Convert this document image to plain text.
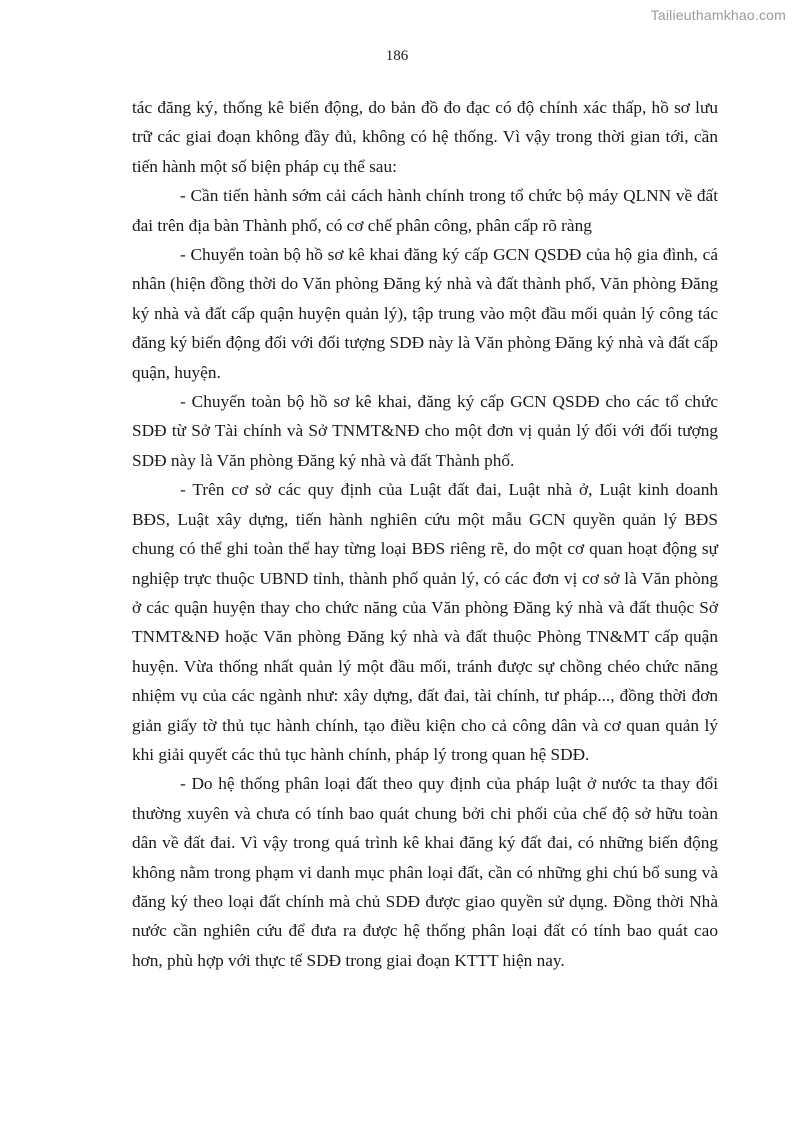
Tailieuthamkhao.com
186

tác đăng ký, thống kê biến động, do bản đồ đo đạc có độ chính xác thấp, hồ sơ lưu trữ các giai đoạn không đầy đủ, không có hệ thống. Vì vậy trong thời gian tới, cần tiến hành một số biện pháp cụ thể sau:

- Cần tiến hành sớm cải cách hành chính trong tổ chức bộ máy QLNN về đất đai trên địa bàn Thành phố, có cơ chế phân công, phân cấp rõ ràng

- Chuyển toàn bộ hồ sơ kê khai đăng ký cấp GCN QSDĐ của hộ gia đình, cá nhân (hiện đồng thời do Văn phòng Đăng ký nhà và đất thành phố, Văn phòng Đăng ký nhà và đất cấp quận huyện quản lý), tập trung vào một đầu mối quản lý công tác đăng ký biến động đối với đối tượng SDĐ này là Văn phòng Đăng ký nhà và đất cấp quận, huyện.

- Chuyển toàn bộ hồ sơ kê khai, đăng ký cấp GCN QSDĐ cho các tổ chức SDĐ từ Sở Tài chính và Sở TNMT&NĐ cho một đơn vị quản lý đối với đối tượng SDĐ này là Văn phòng Đăng ký nhà và đất Thành phố.

- Trên cơ sở các quy định của Luật đất đai, Luật nhà ở, Luật kinh doanh BĐS, Luật xây dựng, tiến hành nghiên cứu một mẫu GCN quyền quản lý BĐS chung có thể ghi toàn thể hay từng loại BĐS riêng rẽ, do một cơ quan hoạt động sự nghiệp trực thuộc UBND tỉnh, thành phố quản lý, có các đơn vị cơ sở là Văn phòng ở các quận huyện thay cho chức năng của Văn phòng Đăng ký nhà và đất thuộc Sở TNMT&NĐ hoặc Văn phòng Đăng ký nhà và đất thuộc Phòng TN&MT cấp quận huyện. Vừa thống nhất quản lý một đầu mối, tránh được sự chồng chéo chức năng nhiệm vụ của các ngành như: xây dựng, đất đai, tài chính, tư pháp..., đồng thời đơn giản giấy tờ thủ tục hành chính, tạo điều kiện cho cả công dân và cơ quan quản lý khi giải quyết các thủ tục hành chính, pháp lý trong quan hệ SDĐ.

- Do hệ thống phân loại đất theo quy định của pháp luật ở nước ta thay đổi thường xuyên và chưa có tính bao quát chung bởi chi phối của chế độ sở hữu toàn dân về đất đai. Vì vậy trong quá trình kê khai đăng ký đất đai, có những biến động không nằm trong phạm vi danh mục phân loại đất, cần có những ghi chú bổ sung và đăng ký theo loại đất chính mà chủ SDĐ được giao quyền sử dụng. Đồng thời Nhà nước cần nghiên cứu để đưa ra được hệ thống phân loại đất có tính bao quát cao hơn, phù hợp với thực tế SDĐ trong giai đoạn KTTT hiện nay.
